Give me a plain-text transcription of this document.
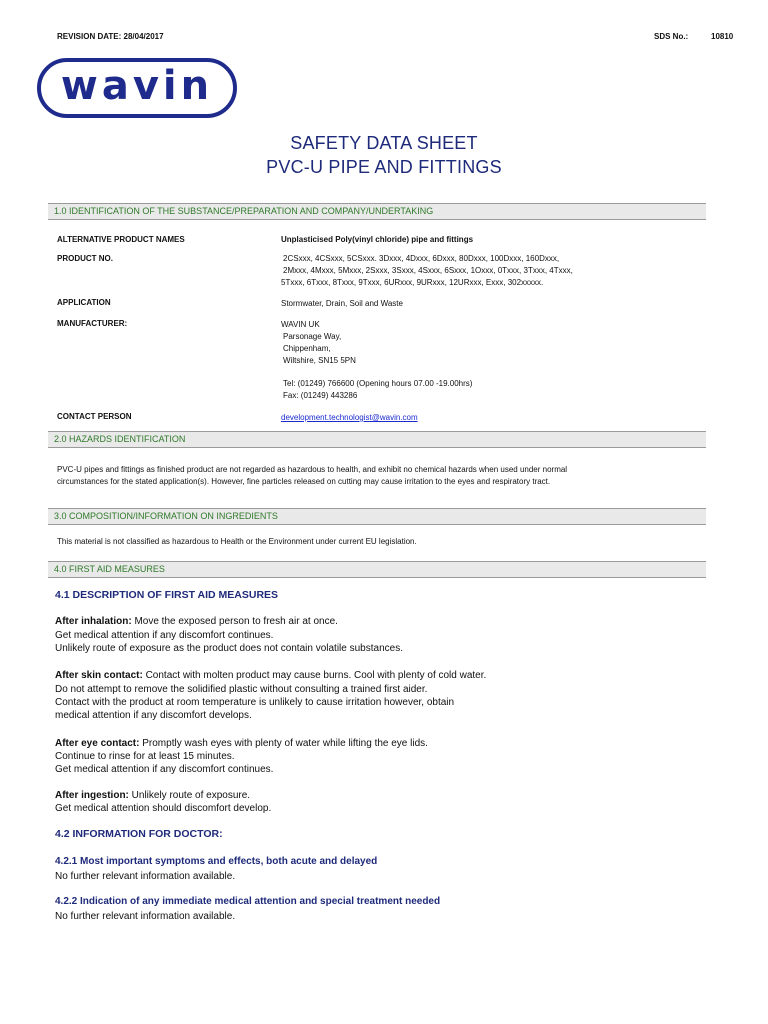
REVISION DATE: 28/04/2017	SDS No.:	10810
wavin
SAFETY DATA SHEET
PVC-U PIPE AND FITTINGS
1.0 IDENTIFICATION OF THE SUBSTANCE/PREPARATION AND COMPANY/UNDERTAKING
ALTERNATIVE PRODUCT NAMES	Unplasticised Poly(vinyl chloride) pipe and fittings
PRODUCT NO.	2CSxxx, 4CSxxx, 5CSxxx. 3Dxxx, 4Dxxx, 6Dxxx, 80Dxxx, 100Dxxx, 160Dxxx,
2Mxxx, 4Mxxx, 5Mxxx, 2Sxxx, 3Sxxx, 4Sxxx, 6Sxxx, 1Oxxx, 0Txxx, 3Txxx, 4Txxx,
5Txxx, 6Txxx, 8Txxx, 9Txxx, 6URxxx, 9URxxx, 12URxxx, Exxx, 302xxxxx.
APPLICATION	Stormwater, Drain, Soil and Waste
MANUFACTURER:	WAVIN UK
Parsonage Way,
Chippenham,
Wiltshire, SN15 5PN
Tel: (01249) 766600 (Opening hours 07.00 -19.00hrs)
Fax: (01249) 443286
CONTACT PERSON	development.technologist@wavin.com
2.0 HAZARDS IDENTIFICATION
PVC-U pipes and fittings as finished product are not regarded as hazardous to health, and exhibit no chemical hazards when used under normal
circumstances for the stated application(s). However, fine particles released on cutting may cause irritation to the eyes and respiratory tract.
3.0 COMPOSITION/INFORMATION ON INGREDIENTS
This material is not classified as hazardous to Health or the Environment under current EU legislation.
4.0 FIRST AID MEASURES
4.1 DESCRIPTION OF FIRST AID MEASURES
After inhalation: Move the exposed person to fresh air at once.
Get medical attention if any discomfort continues.
Unlikely route of exposure as the product does not contain volatile substances.
After skin contact: Contact with molten product may cause burns. Cool with plenty of cold water.
Do not attempt to remove the solidified plastic without consulting a trained first aider.
Contact with the product at room temperature is unlikely to cause irritation however, obtain
medical attention if any discomfort develops.
After eye contact: Promptly wash eyes with plenty of water while lifting the eye lids.
Continue to rinse for at least 15 minutes.
Get medical attention if any discomfort continues.
After ingestion: Unlikely route of exposure.
Get medical attention should discomfort develop.
4.2 INFORMATION FOR DOCTOR:
4.2.1 Most important symptoms and effects, both acute and delayed
No further relevant information available.
4.2.2 Indication of any immediate medical attention and special treatment needed
No further relevant information available.
